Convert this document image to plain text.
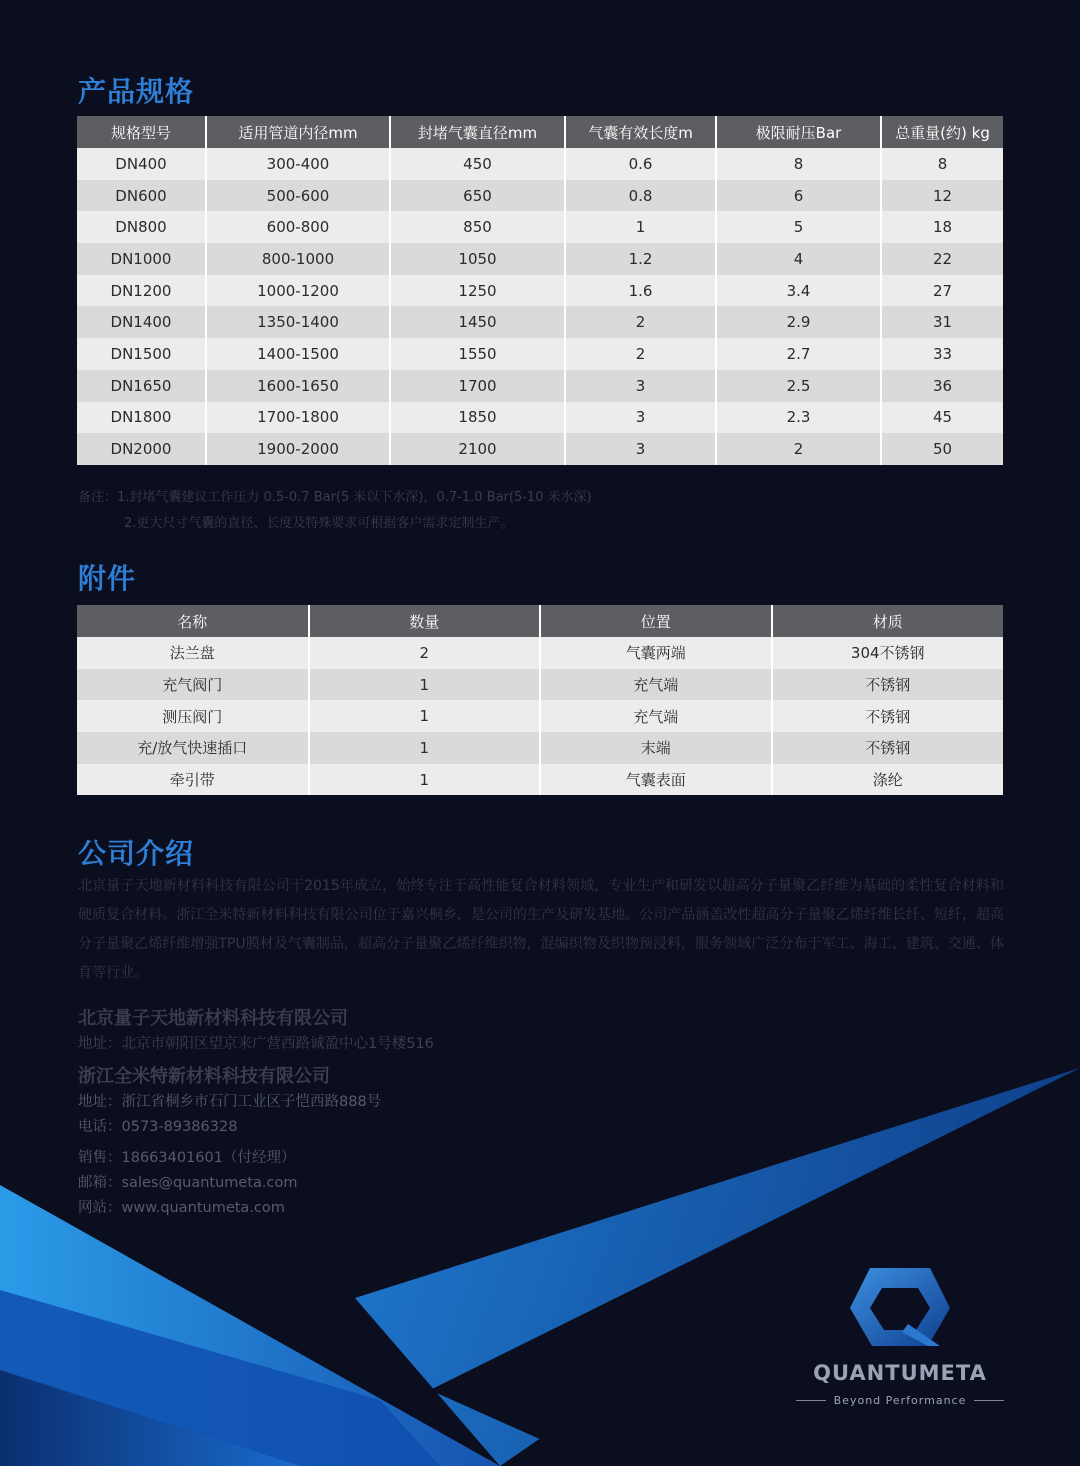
产品规格
规格型号	适用管道内径mm	封堵气囊直径mm	气囊有效长度m	极限耐压Bar	总重量(约) kg
DN400	300-400	450	0.6	8	8
DN600	500-600	650	0.8	6	12
DN800	600-800	850	1	5	18
DN1000	800-1000	1050	1.2	4	22
DN1200	1000-1200	1250	1.6	3.4	27
DN1400	1350-1400	1450	2	2.9	31
DN1500	1400-1500	1550	2	2.7	33
DN1650	1600-1650	1700	3	2.5	36
DN1800	1700-1800	1850	3	2.3	45
DN2000	1900-2000	2100	3	2	50
备注：1.封堵气囊建议工作压力 0.5-0.7 Bar(5 米以下水深)，0.7-1.0 Bar(5-10 米水深)
2.更大尺寸气囊的直径、长度及特殊要求可根据客户需求定制生产。
附件
名称	数量	位置	材质
法兰盘	2	气囊两端	304不锈钢
充气阀门	1	充气端	不锈钢
测压阀门	1	充气端	不锈钢
充/放气快速插口	1	末端	不锈钢
牵引带	1	气囊表面	涤纶
公司介绍

北京量子天地新材料科技有限公司于2015年成立，始终专注于高性能复合材料领域，专业生产和研发以超高分子量聚乙纤维为基础的柔性复合材料和硬质复合材料。浙江全米特新材料科技有限公司位于嘉兴桐乡，是公司的生产及研发基地。公司产品涵盖改性超高分子量聚乙烯纤维长纤、短纤，超高分子量聚乙烯纤维增强TPU膜材及气囊制品，超高分子量聚乙烯纤维织物，混编织物及织物预浸料，服务领域广泛分布于军工、海工、建筑、交通、体育等行业。

北京量子天地新材料科技有限公司

地址：北京市朝阳区望京来广营西路诚盈中心1号楼516

浙江全米特新材料科技有限公司

地址：浙江省桐乡市石门工业区子恺西路888号

电话：0573-89386328

销售：18663401601（付经理）

邮箱：sales@quantumeta.com

网站：www.quantumeta.com

QUANTUMETA
Beyond Performance
